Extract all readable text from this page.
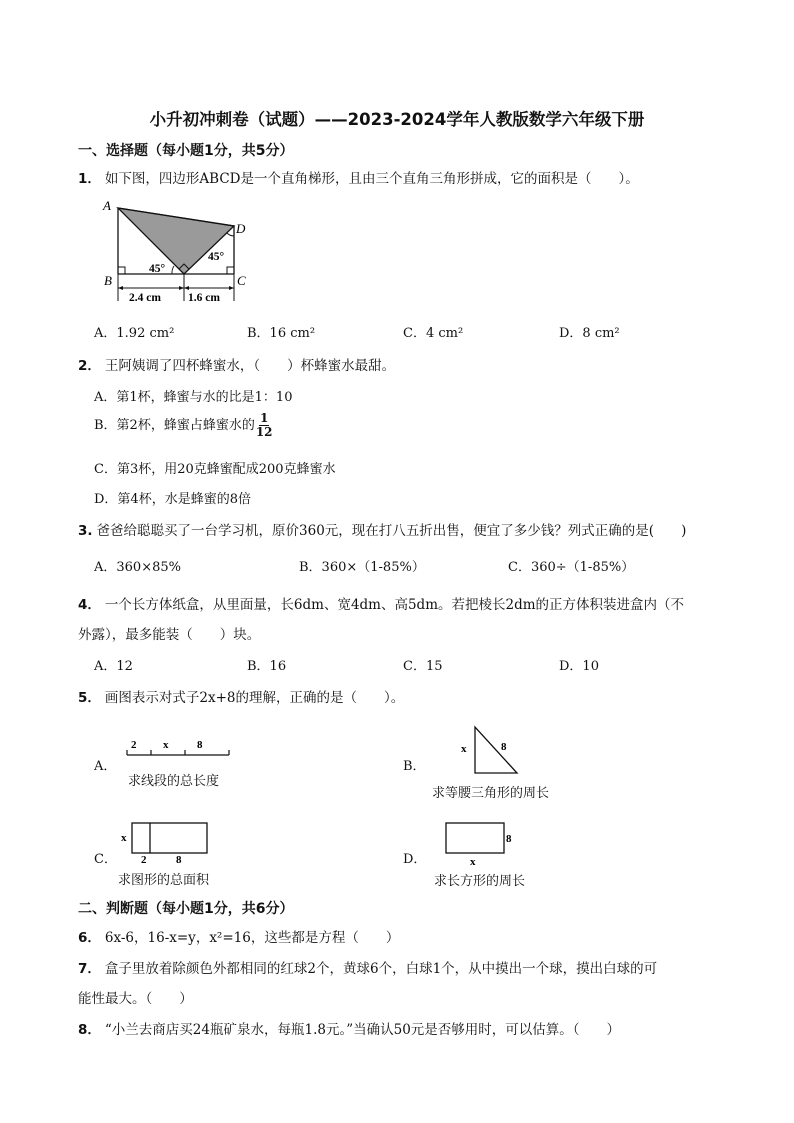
小升初冲刺卷（试题）——2023-2024学年人教版数学六年级下册
一、选择题（每小题1分，共5分）
1． 如下图，四边形ABCD是一个直角梯形，且由三个直角三角形拼成，它的面积是（　　）。
A
D
B	C
45°
45°
2.4 cm 1.6 cm
A．1.92 cm²	B．16 cm²	C．4 cm²	D．8 cm²
2． 王阿姨调了四杯蜂蜜水，（　　）杯蜂蜜水最甜。
A．第1杯，蜂蜜与水的比是1：10
B．第2杯，蜂蜜占蜂蜜水的 $\frac{1}{12}$
C．第3杯，用20克蜂蜜配成200克蜂蜜水
D．第4杯，水是蜂蜜的8倍
3. 爸爸给聪聪买了一台学习机，原价360元，现在打八五折出售，便宜了多少钱？列式正确的是(　　)
A．360×85%	B．360×（1-85%）	C．360÷（1-85%）
4． 一个长方体纸盒，从里面量，长6dm、宽4dm、高5dm。若把棱长2dm的正方体积装进盒内（不
外露），最多能装（　　）块。
A．12	B．16	C．15	D．10
5． 画图表示对式子2x+8的理解，正确的是（　　）。
A．
2 x	8
求线段的总长度
B．
x	8
求等腰三角形的周长
C．
x
2	8
求图形的总面积
D．
8
x
求长方形的周长
二、判断题（每小题1分，共6分）
6． 6x-6，16-x=y，x²=16，这些都是方程（　　）
7． 盒子里放着除颜色外都相同的红球2个，黄球6个，白球1个，从中摸出一个球，摸出白球的可
能性最大。（　　）
8． “小兰去商店买24瓶矿泉水，每瓶1.8元。”当确认50元是否够用时，可以估算。（　　）
